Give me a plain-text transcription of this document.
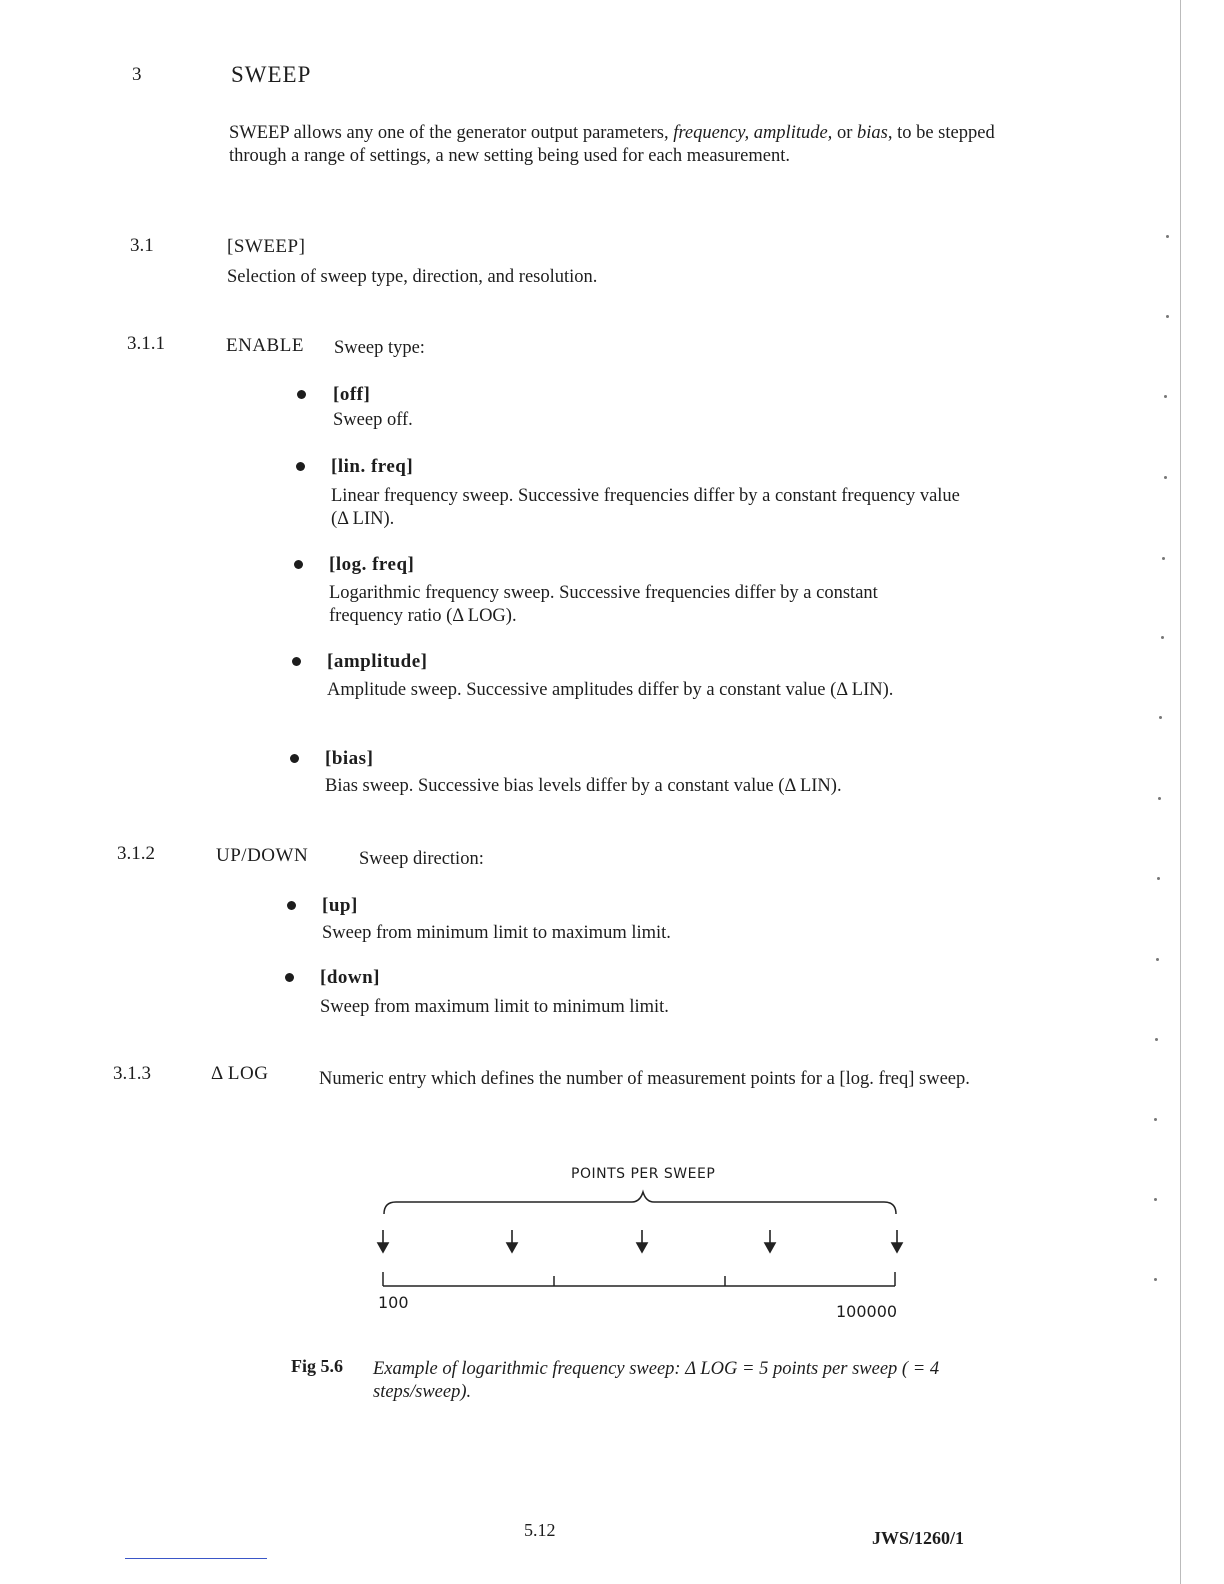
3	SWEEP
SWEEP allows any one of the generator output parameters, frequency, amplitude, or bias, to be stepped through a range of settings, a new setting being used for each measurement.
3.1	[SWEEP]
Selection of sweep type, direction, and resolution.
3.1.1	ENABLE Sweep type:
[off]
Sweep off.
[lin. freq]
Linear frequency sweep. Successive frequencies differ by a constant frequency value (Δ LIN).
[log. freq]
Logarithmic frequency sweep. Successive frequencies differ by a constant frequency ratio (Δ LOG).
[amplitude]
Amplitude sweep. Successive amplitudes differ by a constant value (Δ LIN).
[bias]
Bias sweep. Successive bias levels differ by a constant value (Δ LIN).
3.1.2	UP/DOWN	Sweep direction:
[up]
Sweep from minimum limit to maximum limit.
[down]
Sweep from maximum limit to minimum limit.
3.1.3	Δ LOG	Numeric entry which defines the number of measurement points for a [log. freq] sweep.
POINTS PER SWEEP
100	100000
Fig 5.6 Example of logarithmic frequency sweep: Δ LOG = 5 points per sweep ( = 4 steps/sweep).
5.12	JWS/1260/1
